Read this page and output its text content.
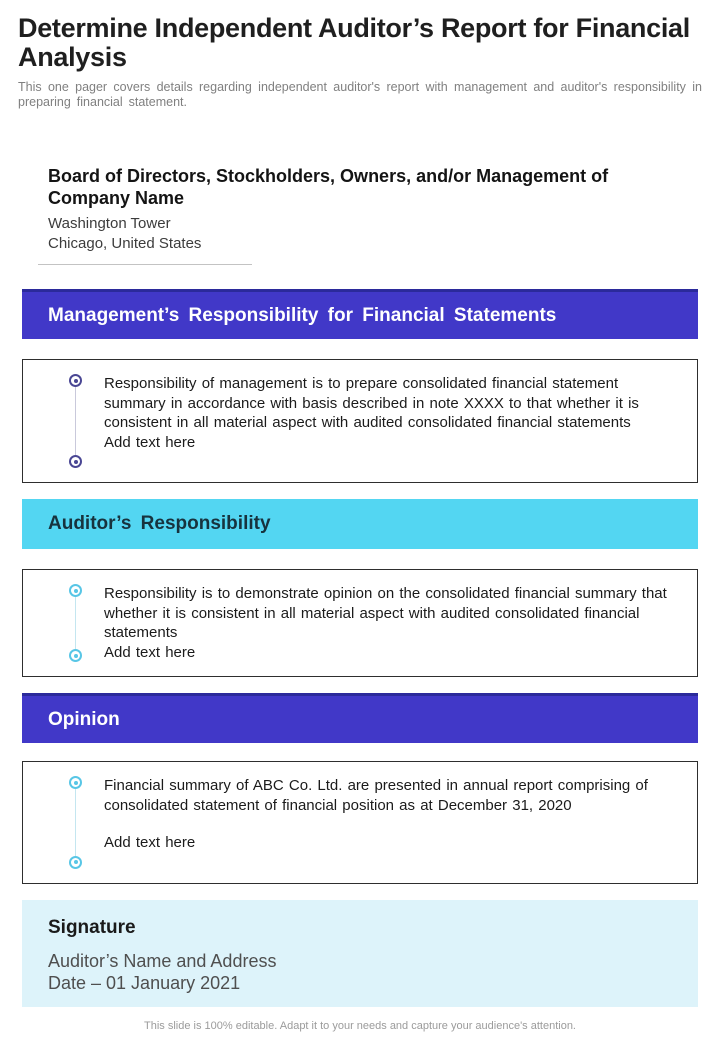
Determine Independent Auditor’s Report for Financial Analysis

This one pager covers details regarding independent auditor's report with management and auditor's responsibility in preparing financial statement.

Board of Directors, Stockholders, Owners, and/or Management of Company Name
Washington Tower
Chicago, United States
Management’s Responsibility for Financial Statements
Responsibility of management is to prepare consolidated financial statement summary in accordance with basis described in note XXXX to that whether it is consistent in all material aspect with audited consolidated financial statements
Add text here
Auditor’s Responsibility
Responsibility is to demonstrate opinion on the consolidated financial summary that whether it is consistent in all material aspect with audited consolidated financial statements
Add text here
Opinion
Financial summary of ABC Co. Ltd. are presented in annual report comprising of consolidated statement of financial position as at December 31, 2020
Add text here
Signature
Auditor’s Name and Address
Date – 01 January 2021
This slide is 100% editable. Adapt it to your needs and capture your audience's attention.
